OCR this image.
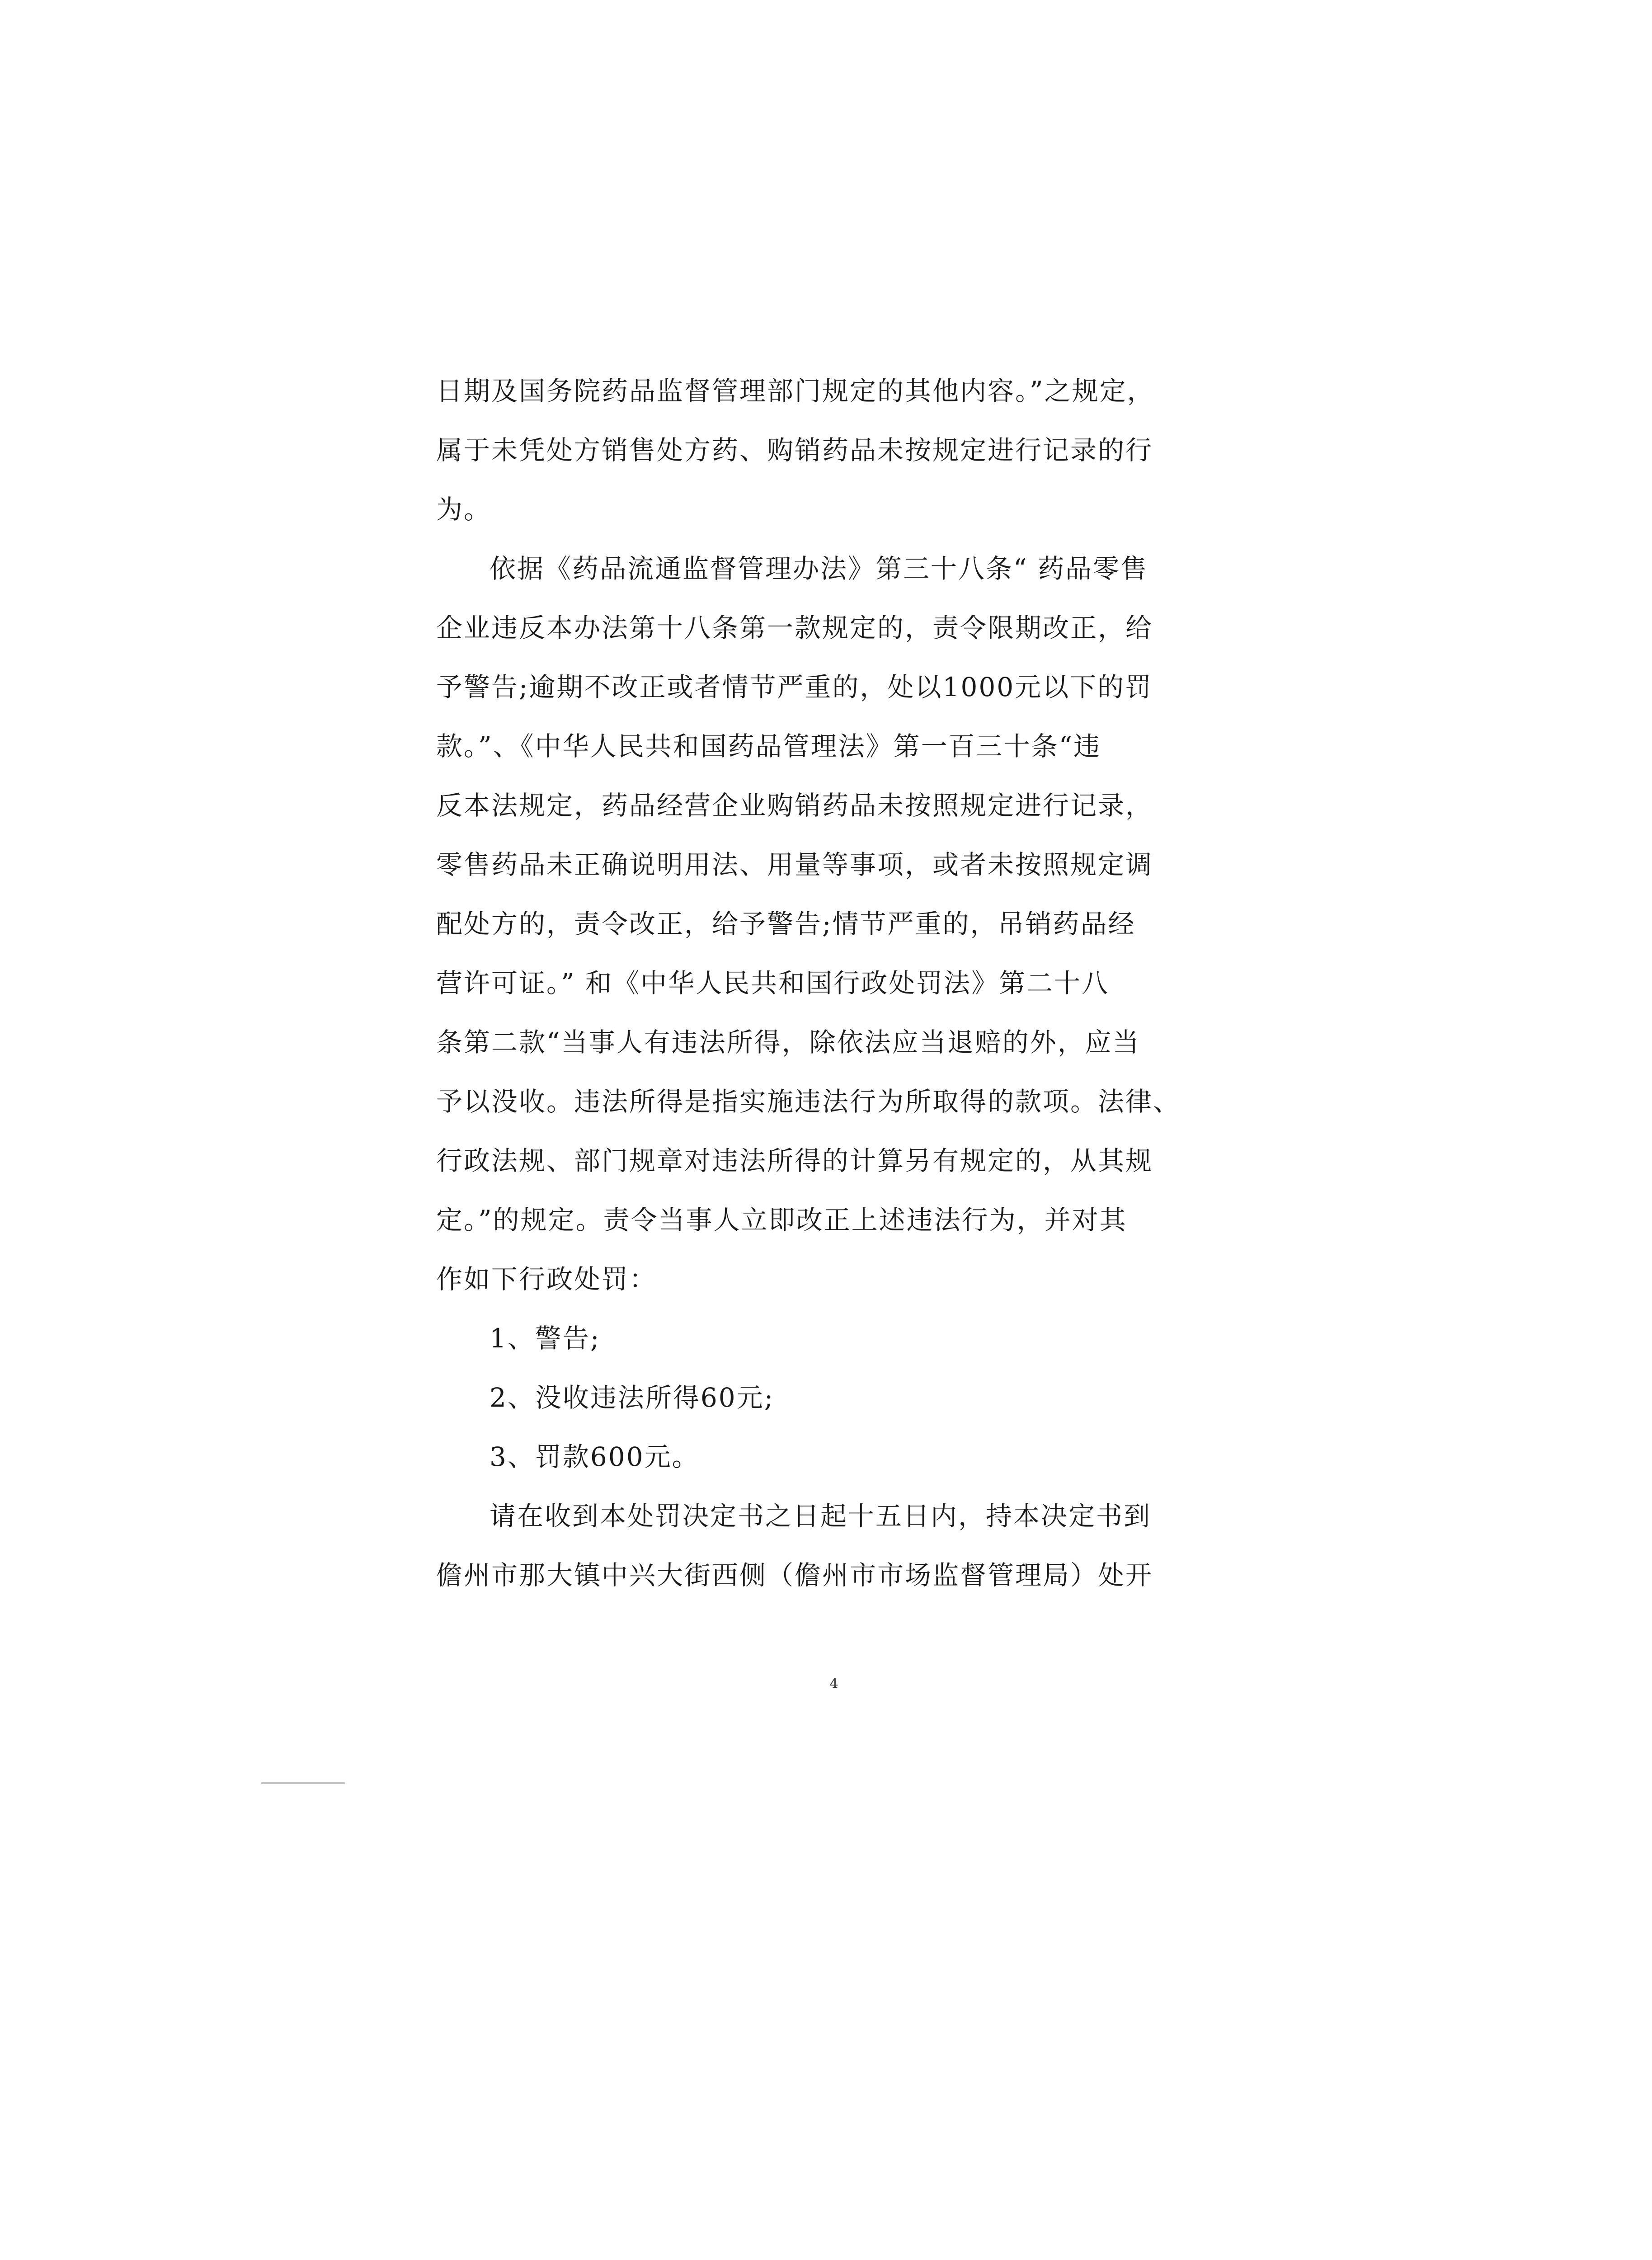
日期及国务院药品监督管理部门规定的其他内容。”之规定，
属于未凭处方销售处方药、购销药品未按规定进行记录的行
为。
依据《药品流通监督管理办法》第三十八条“ 药品零售
企业违反本办法第十八条第一款规定的，责令限期改正，给
予警告;逾期不改正或者情节严重的，处以1000元以下的罚
款。”、《中华人民共和国药品管理法》第一百三十条“违
反本法规定，药品经营企业购销药品未按照规定进行记录，
零售药品未正确说明用法、用量等事项，或者未按照规定调
配处方的，责令改正，给予警告;情节严重的，吊销药品经
营许可证。” 和《中华人民共和国行政处罚法》第二十八
条第二款“当事人有违法所得，除依法应当退赔的外，应当
予以没收。违法所得是指实施违法行为所取得的款项。法律、
行政法规、部门规章对违法所得的计算另有规定的，从其规
定。”的规定。责令当事人立即改正上述违法行为，并对其
作如下行政处罚：
1、警告;
2、没收违法所得60元;
3、罚款600元。
请在收到本处罚决定书之日起十五日内，持本决定书到
儋州市那大镇中兴大街西侧（儋州市市场监督管理局）处开
4
